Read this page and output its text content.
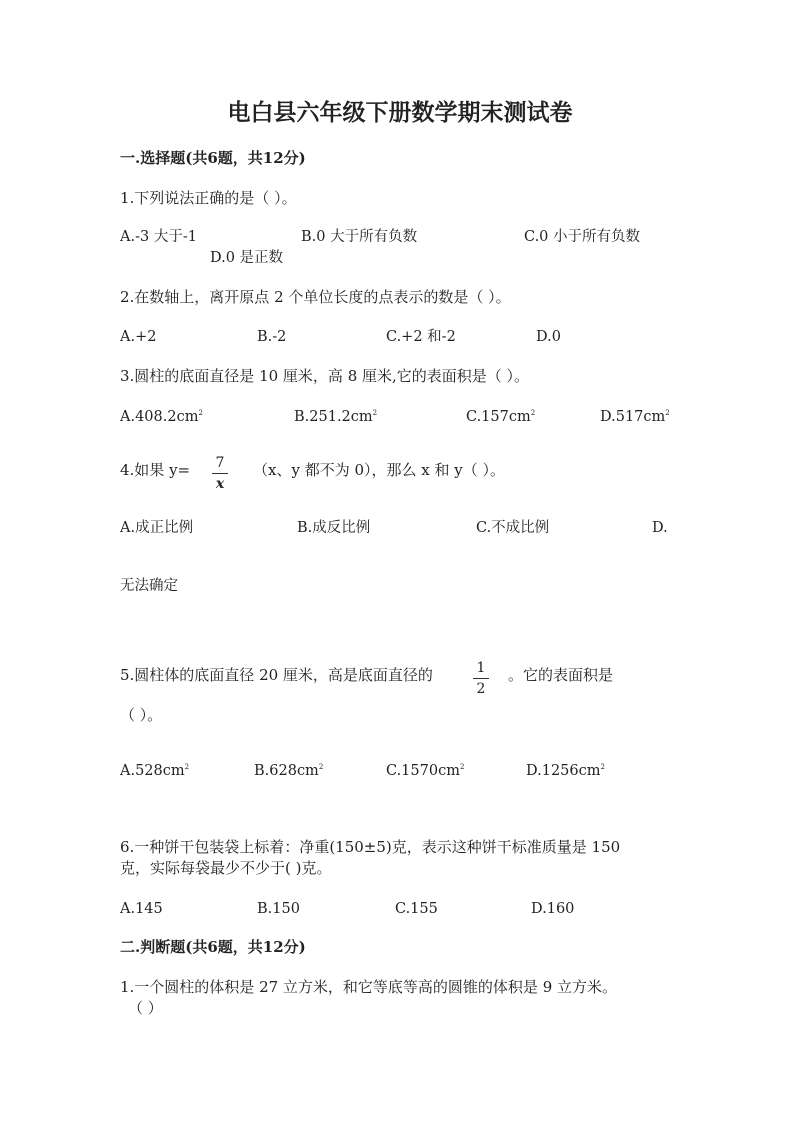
电白县六年级下册数学期末测试卷
一.选择题(共6题，共12分)
1.下列说法正确的是（ ）。
A.-3 大于-1	B.0 大于所有负数	C.0 小于所有负数
D.0 是正数
2.在数轴上，离开原点 2 个单位长度的点表示的数是（ ）。
A.+2	B.-2	C.+2 和-2	D.0
3.圆柱的底面直径是 10 厘米，高 8 厘米,它的表面积是（ ）。
$A.408.2cm^2$	$B.251.2cm^2$	$C.157cm^2$	$D.517cm^2$
4.如果 y= 7
x
（x、y 都不为 0），那么 x 和 y（ ）。
A.成正比例	B.成反比例	C.不成比例	D.
无法确定
5.圆柱体的底面直径 20 厘米，高是底面直径的	1
2
。它的表面积是
（ ）。
$A.528cm^2$	$B.628cm^2$	$C.1570cm^2$	$D.1256cm^2$
6.一种饼干包装袋上标着：净重(150±5)克，表示这种饼干标准质量是 150
克，实际每袋最少不少于( )克。
A.145	B.150	C.155	D.160
二.判断题(共6题，共12分)
1.一个圆柱的体积是 27 立方米，和它等底等高的圆锥的体积是 9 立方米。
（ ）
